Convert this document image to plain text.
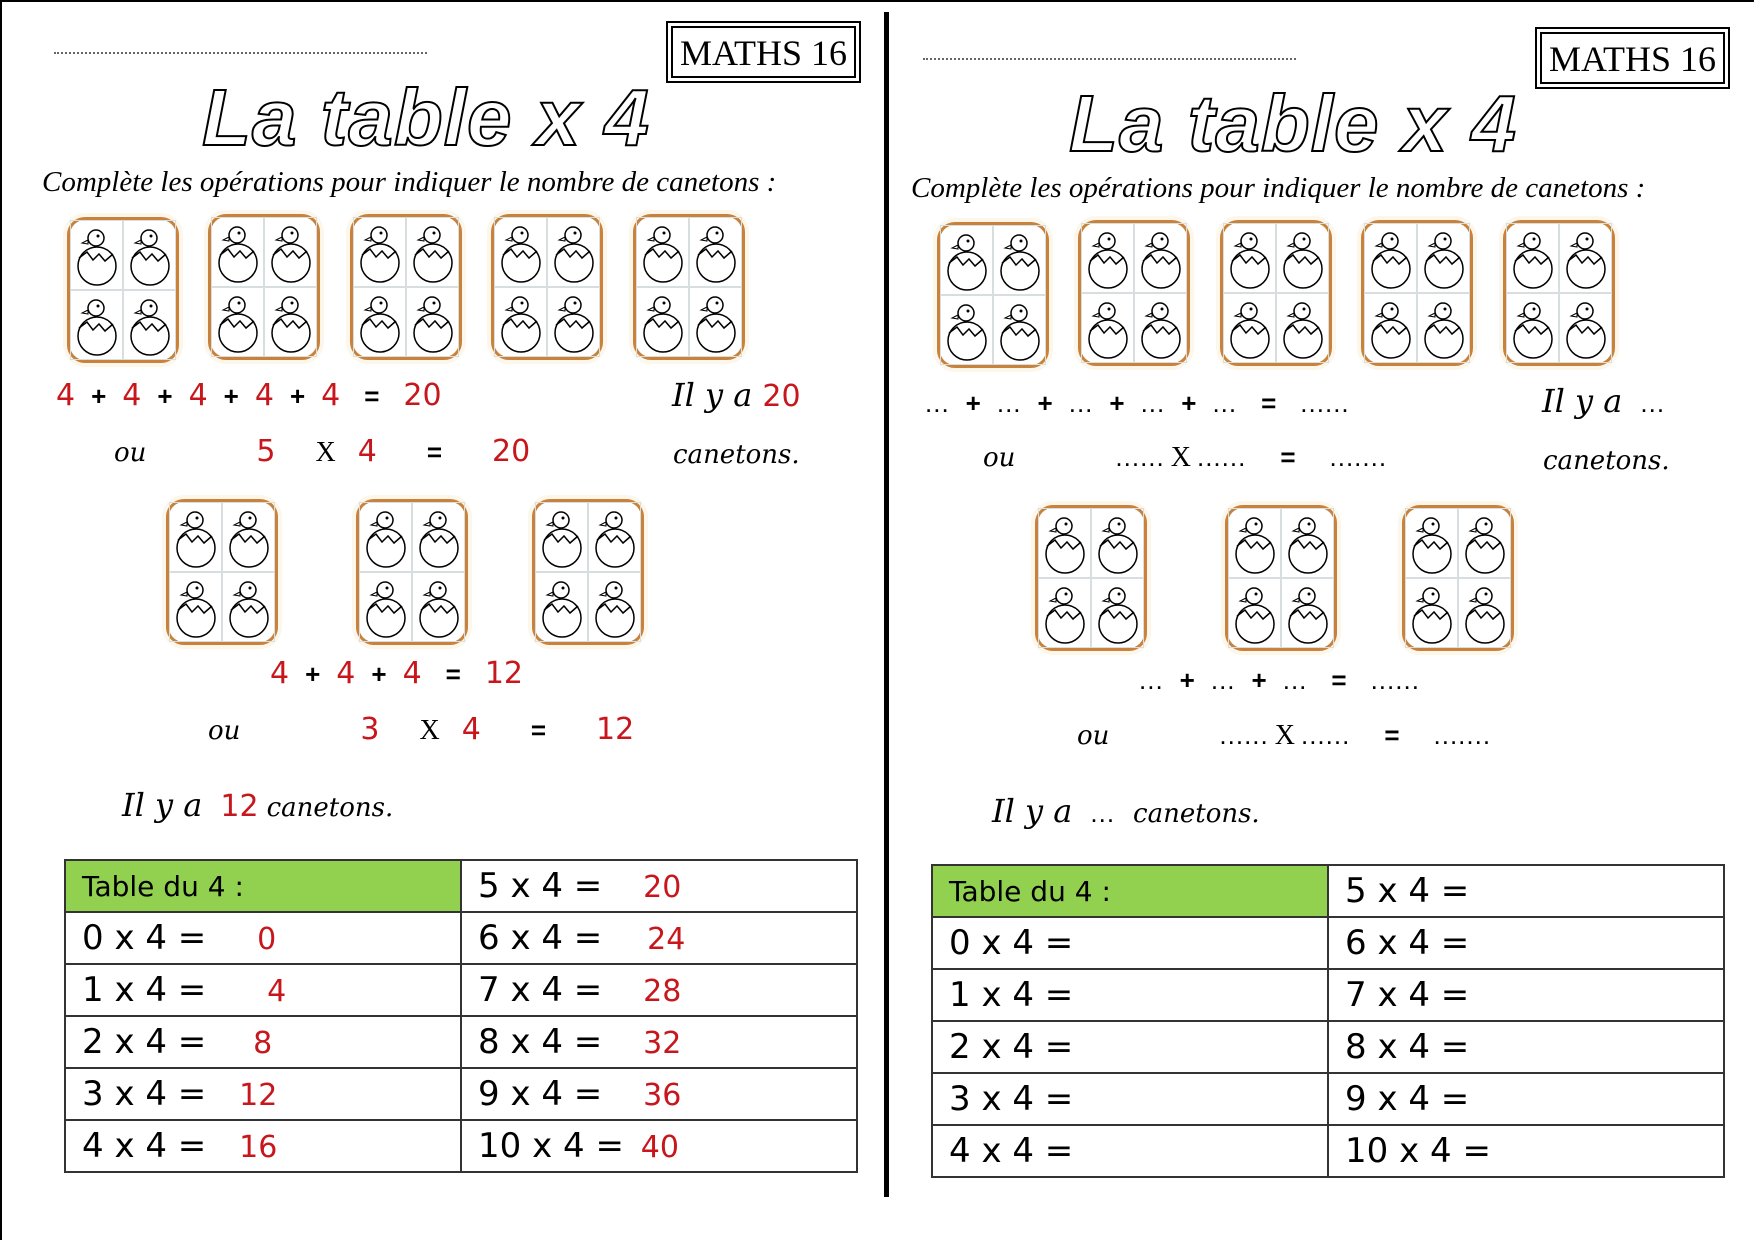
MATHS 16
La table x 4
Complète les opérations pour indiquer le nombre de canetons :
4 + 4 + 4 + 4 + 4 = 20	Il y a 20
ou	5 X 4 = 20	canetons.
4 + 4 + 4 = 12
ou	3 X 4 = 12
Il y a 12 canetons.
Table du 4 :	5 x 4 = 20
0 x 4 = 0	6 x 4 = 24
1 x 4 = 4	7 x 4 = 28
2 x 4 = 8	8 x 4 = 32
3 x 4 = 12	9 x 4 = 36
4 x 4 = 16	10 x 4 = 40
MATHS 16
La table x 4
Complète les opérations pour indiquer le nombre de canetons :
... + ... + ... + ... + ... = ......	Il y a ...
ou	...... X ...... = .......	canetons.
... + ... + ... = ......
ou	...... X ...... = .......
Il y a ... canetons.
Table du 4 :	5 x 4 =
0 x 4 =	6 x 4 =
1 x 4 =	7 x 4 =
2 x 4 =	8 x 4 =
3 x 4 =	9 x 4 =
4 x 4 =	10 x 4 =
